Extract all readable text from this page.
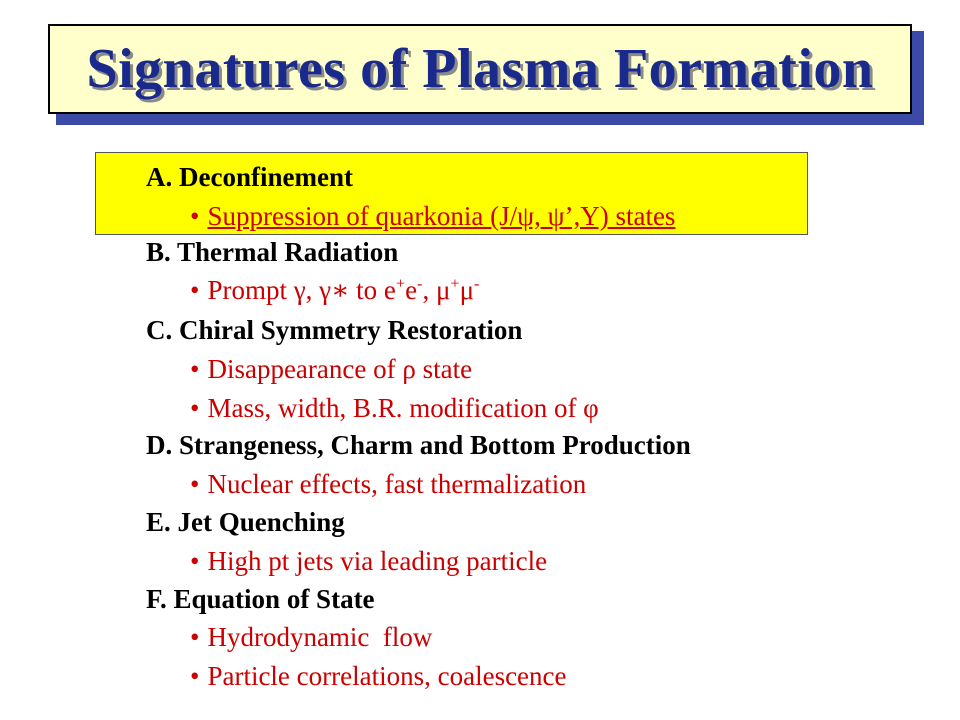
Signatures of Plasma Formation
A. Deconfinement
• Suppression of quarkonia (J/ψ, ψ’,Y) states
B. Thermal Radiation
• Prompt γ, γ∗ to e+e-, μ+μ-
C. Chiral Symmetry Restoration
• Disappearance of ρ state
• Mass, width, B.R. modification of φ
D. Strangeness, Charm and Bottom Production
• Nuclear effects, fast thermalization
E. Jet Quenching
• High pt jets via leading particle
F. Equation of State
• Hydrodynamic  flow
• Particle correlations, coalescence
